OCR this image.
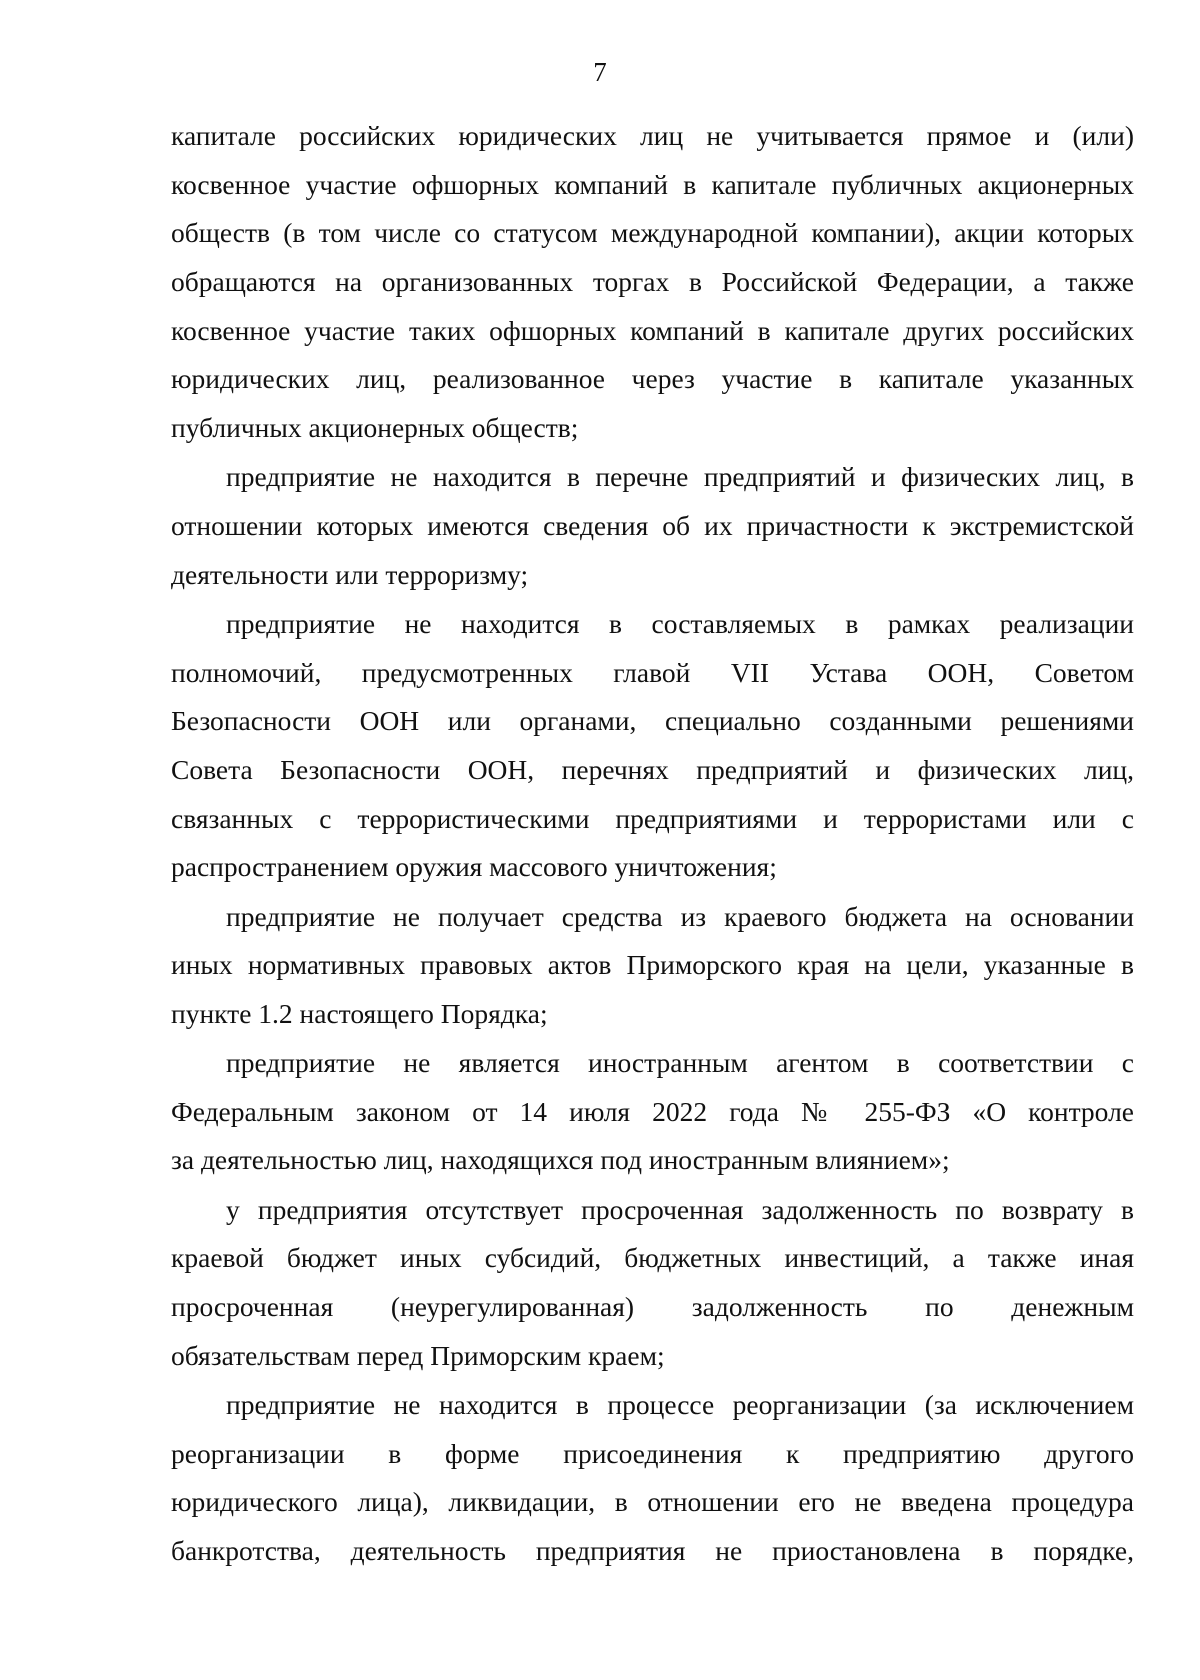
7
капитале российских юридических лиц не учитывается прямое и (или)
косвенное участие офшорных компаний в капитале публичных акционерных
обществ (в том числе со статусом международной компании), акции которых
обращаются на организованных торгах в Российской Федерации, а также
косвенное участие таких офшорных компаний в капитале других российских
юридических лиц, реализованное через участие в капитале указанных
публичных акционерных обществ;
предприятие не находится в перечне предприятий и физических лиц, в
отношении которых имеются сведения об их причастности к экстремистской
деятельности или терроризму;
предприятие не находится в составляемых в рамках реализации
полномочий, предусмотренных главой VII Устава ООН, Советом
Безопасности ООН или органами, специально созданными решениями
Совета Безопасности ООН, перечнях предприятий и физических лиц,
связанных с террористическими предприятиями и террористами или с
распространением оружия массового уничтожения;
предприятие не получает средства из краевого бюджета на основании
иных нормативных правовых актов Приморского края на цели, указанные в
пункте 1.2 настоящего Порядка;
предприятие не является иностранным агентом в соответствии с
Федеральным законом от 14 июля 2022 года № 255-ФЗ «О контроле
за деятельностью лиц, находящихся под иностранным влиянием»;
у предприятия отсутствует просроченная задолженность по возврату в
краевой бюджет иных субсидий, бюджетных инвестиций, а также иная
просроченная (неурегулированная) задолженность по денежным
обязательствам перед Приморским краем;
предприятие не находится в процессе реорганизации (за исключением
реорганизации в форме присоединения к предприятию другого
юридического лица), ликвидации, в отношении его не введена процедура
банкротства, деятельность предприятия не приостановлена в порядке,
